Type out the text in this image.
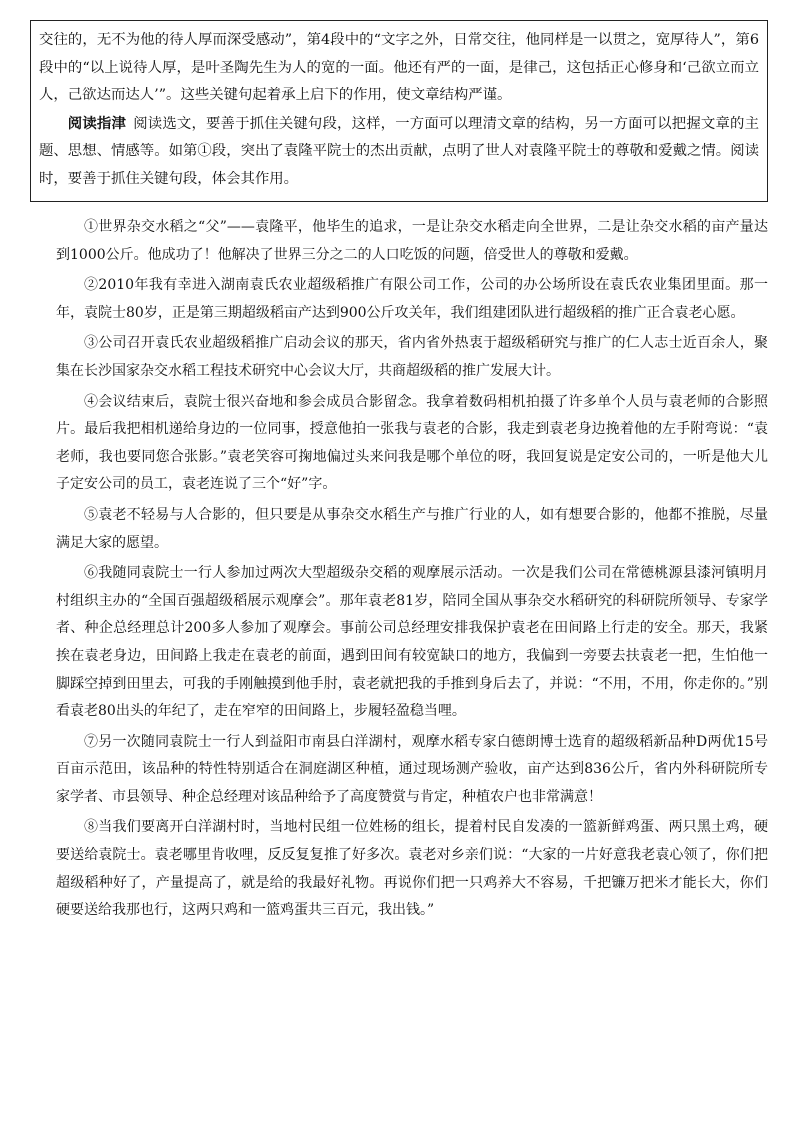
交往的，无不为他的待人厚而深受感动”，第4段中的“文字之外，日常交往，他同样是一以贯之，宽厚待人”，第6段中的“以上说待人厚，是叶圣陶先生为人的宽的一面。他还有严的一面，是律己，这包括正心修身和‘己欲立而立人，己欲达而达人’”。这些关键句起着承上启下的作用，使文章结构严谨。

阅读指津 阅读选文，要善于抓住关键句段，这样，一方面可以理清文章的结构，另一方面可以把握文章的主题、思想、情感等。如第①段，突出了袁隆平院士的杰出贡献，点明了世人对袁隆平院士的尊敬和爱戴之情。阅读时，要善于抓住关键句段，体会其作用。

①世界杂交水稻之“父”——袁隆平，他毕生的追求，一是让杂交水稻走向全世界，二是让杂交水稻的亩产量达到1000公斤。他成功了！他解决了世界三分之二的人口吃饭的问题，倍受世人的尊敬和爱戴。

②2010年我有幸进入湖南袁氏农业超级稻推广有限公司工作，公司的办公场所设在袁氏农业集团里面。那一年，袁院士80岁，正是第三期超级稻亩产达到900公斤攻关年，我们组建团队进行超级稻的推广正合袁老心愿。

③公司召开袁氏农业超级稻推广启动会议的那天，省内省外热衷于超级稻研究与推广的仁人志士近百余人，聚集在长沙国家杂交水稻工程技术研究中心会议大厅，共商超级稻的推广发展大计。

④会议结束后，袁院士很兴奋地和参会成员合影留念。我拿着数码相机拍摄了许多单个人员与袁老师的合影照片。最后我把相机递给身边的一位同事，授意他拍一张我与袁老的合影，我走到袁老身边挽着他的左手附弯说：“袁老师，我也要同您合张影。”袁老笑容可掬地偏过头来问我是哪个单位的呀，我回复说是定安公司的，一听是他大儿子定安公司的员工，袁老连说了三个“好”字。

⑤袁老不轻易与人合影的，但只要是从事杂交水稻生产与推广行业的人，如有想要合影的，他都不推脱，尽量满足大家的愿望。

⑥我随同袁院士一行人参加过两次大型超级杂交稻的观摩展示活动。一次是我们公司在常德桃源县漆河镇明月村组织主办的“全国百强超级稻展示观摩会”。那年袁老81岁，陪同全国从事杂交水稻研究的科研院所领导、专家学者、种企总经理总计200多人参加了观摩会。事前公司总经理安排我保护袁老在田间路上行走的安全。那天，我紧挨在袁老身边，田间路上我走在袁老的前面，遇到田间有较宽缺口的地方，我偏到一旁要去扶袁老一把，生怕他一脚踩空掉到田里去，可我的手刚触摸到他手肘，袁老就把我的手推到身后去了，并说：“不用，不用，你走你的。”别看袁老80出头的年纪了，走在窄窄的田间路上，步履轻盈稳当哩。

⑦另一次随同袁院士一行人到益阳市南县白洋湖村，观摩水稻专家白德朗博士选育的超级稻新品种D两优15号百亩示范田，该品种的特性特别适合在洞庭湖区种植，通过现场测产验收，亩产达到836公斤，省内外科研院所专家学者、市县领导、种企总经理对该品种给予了高度赞赏与肯定，种植农户也非常满意！

⑧当我们要离开白洋湖村时，当地村民组一位姓杨的组长，提着村民自发凑的一篮新鲜鸡蛋、两只黑土鸡，硬要送给袁院士。袁老哪里肯收哩，反反复复推了好多次。袁老对乡亲们说：“大家的一片好意我老袁心领了，你们把超级稻种好了，产量提高了，就是给的我最好礼物。再说你们把一只鸡养大不容易，千把镰万把米才能长大，你们硬要送给我那也行，这两只鸡和一篮鸡蛋共三百元，我出钱。”
